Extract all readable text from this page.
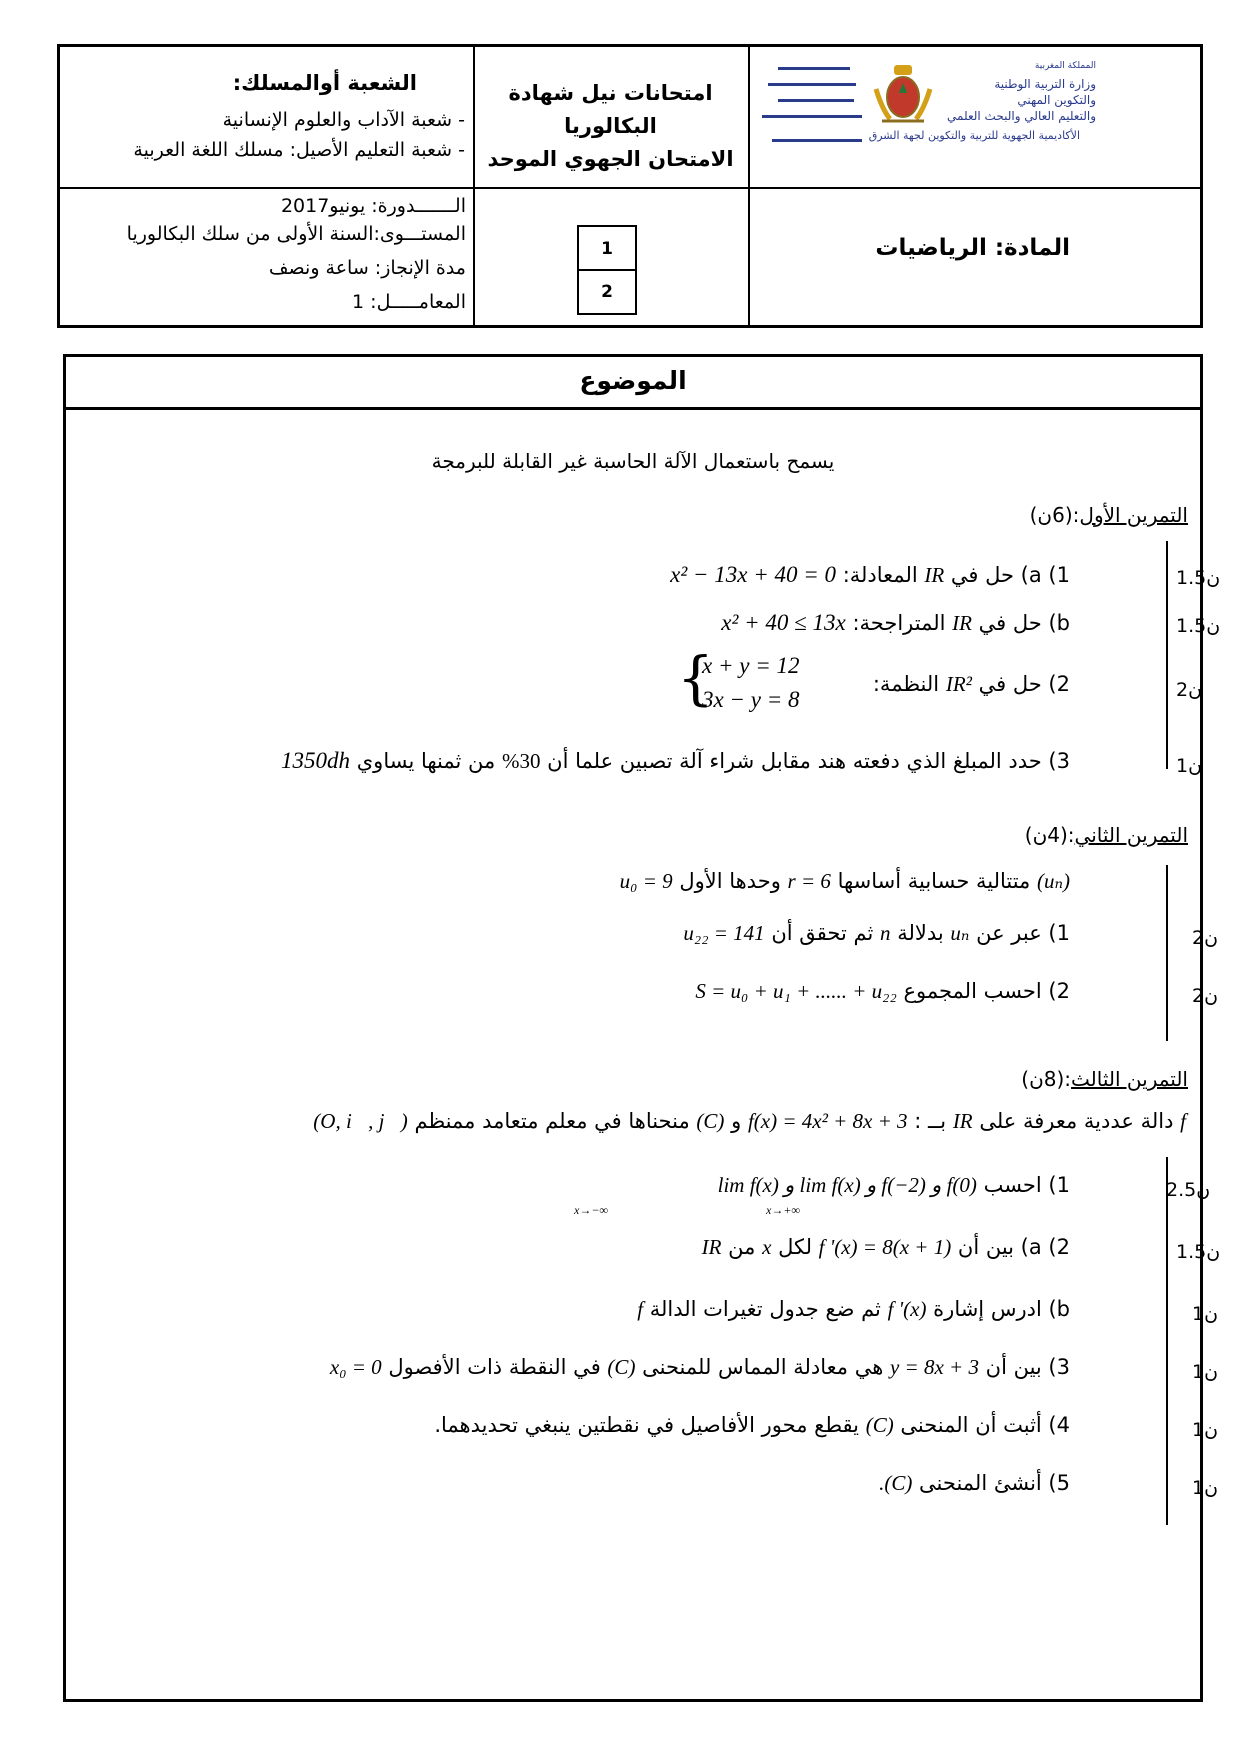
الشعبة أوالمسلك:
- شعبة الآداب والعلوم الإنسانية
- شعبة التعليم الأصيل: مسلك اللغة العربية
امتحانات نيل شهادة
البكالوريا
الامتحان الجهوي الموحد
المملكة المغربية
وزارة التربية الوطنية
والتكوين المهني
والتعليم العالي والبحث العلمي
الأكاديمية الجهوية للتربية والتكوين لجهة الشرق
الـــــــدورة: يونيو2017
المستـــوى:السنة الأولى من سلك البكالوريا
مدة الإنجاز: ساعة ونصف
المعامـــــل: 1
1
2
المادة: الرياضيات
الموضوع
يسمح باستعمال الآلة الحاسبة غير القابلة للبرمجة
التمرين الأول:(6ن)
1.5ن
1) a) حل في IR المعادلة: x² − 13x + 40 = 0
1.5ن
b) حل في IR المتراجحة: x² + 40 ≤ 13x
2ن
2) حل في IR² النظمة:
{
x + y = 12
3x − y = 8
1ن
3) حدد المبلغ الذي دفعته هند مقابل شراء آلة تصبين علما أن 30% من ثمنها يساوي 1350dh
التمرين الثاني:(4ن)
(uₙ) متتالية حسابية أساسها r = 6 وحدها الأول u₀ = 9
2ن
1) عبر عن uₙ بدلالة n ثم تحقق أن u₂₂ = 141
2ن
2) احسب المجموع S = u₀ + u₁ + ...... + u₂₂
التمرين الثالث:(8ن)
f دالة عددية معرفة على IR بــ : f(x) = 4x² + 8x + 3 و (C) منحناها في معلم متعامد ممنظم (O, i⃗, j⃗)
2.5ن
1) احسب f(0) و f(−2) و lim f(x) و lim f(x)
x→+∞
x→−∞
1.5ن
2) a) بين أن f '(x) = 8(x + 1) لكل x من IR
1ن
b) ادرس إشارة f '(x) ثم ضع جدول تغيرات الدالة f
1ن
3) بين أن y = 8x + 3 هي معادلة المماس للمنحنى (C) في النقطة ذات الأفصول x₀ = 0
1ن
4) أثبت أن المنحنى (C) يقطع محور الأفاصيل في نقطتين ينبغي تحديدهما.
1ن
5) أنشئ المنحنى (C).
